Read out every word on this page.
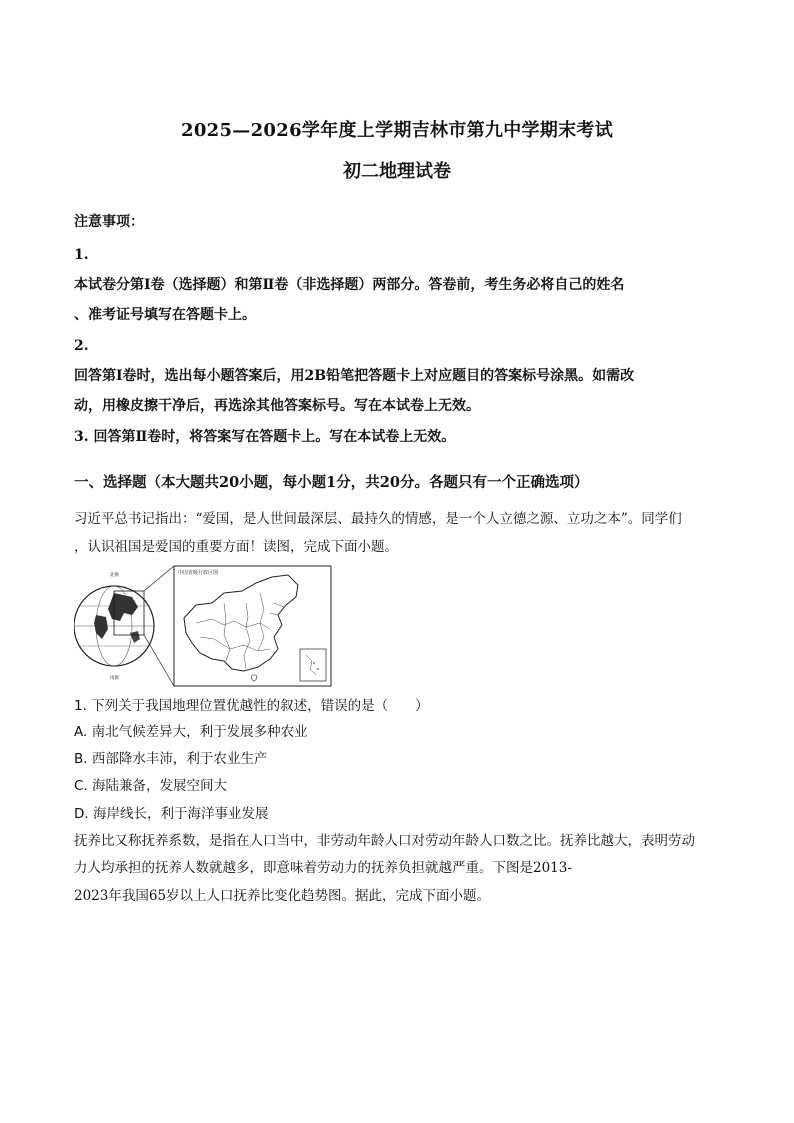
2025—2026学年度上学期吉林市第九中学期末考试
初二地理试卷
注意事项：
1.
本试卷分第Ⅰ卷（选择题）和第Ⅱ卷（非选择题）两部分。答卷前，考生务必将自己的姓名
、准考证号填写在答题卡上。
2.
回答第Ⅰ卷时，选出每小题答案后，用2B铅笔把答题卡上对应题目的答案标号涂黑。如需改
动，用橡皮擦干净后，再选涂其他答案标号。写在本试卷上无效。
3. 回答第Ⅱ卷时，将答案写在答题卡上。写在本试卷上无效。
一、选择题（本大题共20小题，每小题1分，共20分。各题只有一个正确选项）
习近平总书记指出：“爱国，是人世间最深层、最持久的情感，是一个人立德之源、立功之本”。同学们
，认识祖国是爱国的重要方面！读图，完成下面小题。
北极
南极
中国省级行政区图
1. 下列关于我国地理位置优越性的叙述，错误的是（　　）
A. 南北气候差异大，利于发展多种农业
B. 西部降水丰沛，利于农业生产
C. 海陆兼备，发展空间大
D. 海岸线长，利于海洋事业发展
抚养比又称抚养系数，是指在人口当中，非劳动年龄人口对劳动年龄人口数之比。抚养比越大，表明劳动
力人均承担的抚养人数就越多，即意味着劳动力的抚养负担就越严重。下图是2013-
2023年我国65岁以上人口抚养比变化趋势图。据此，完成下面小题。
